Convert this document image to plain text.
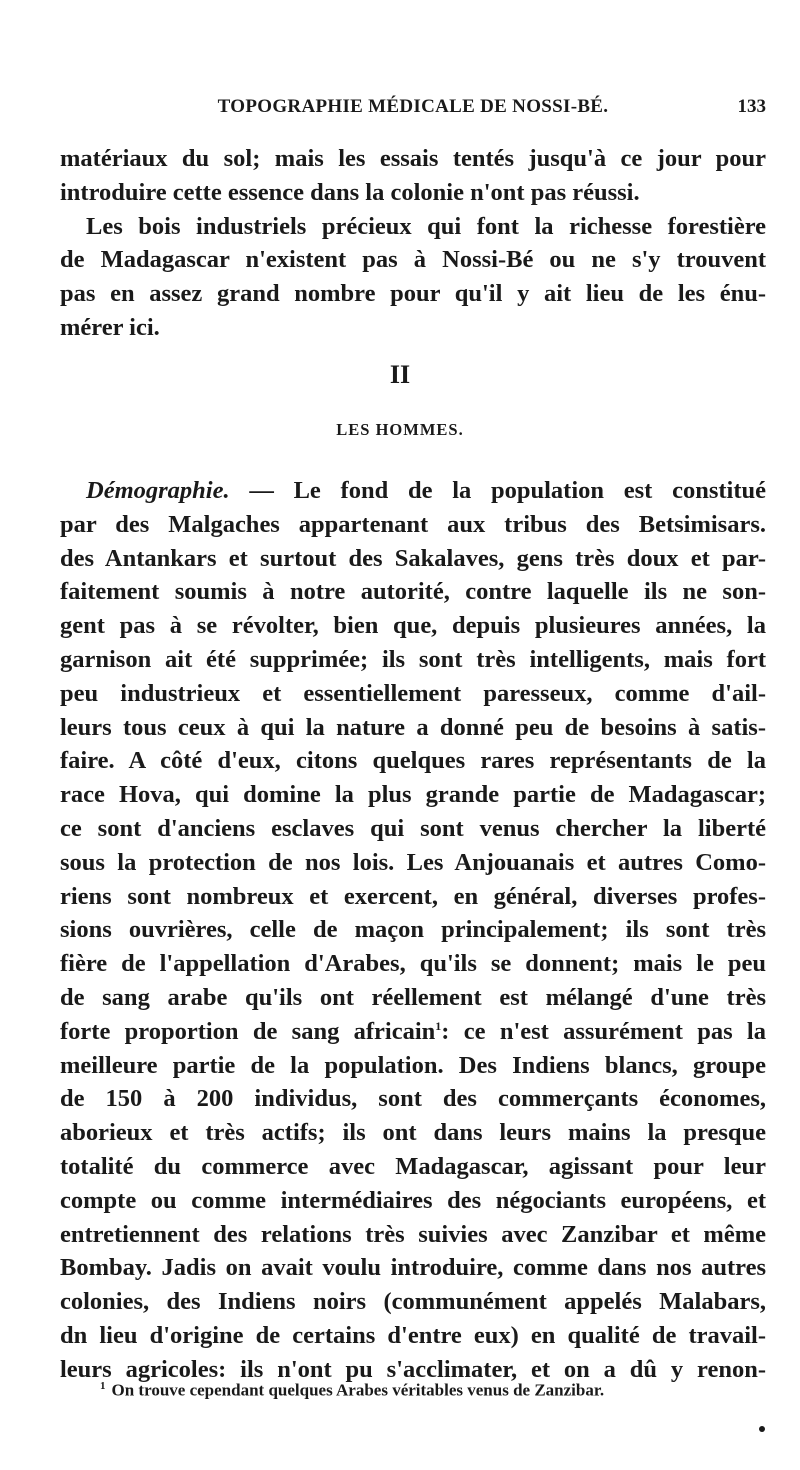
TOPOGRAPHIE MÉDICALE DE NOSSI-BÉ.	133
matériaux du sol; mais les essais tentés jusqu'à ce jour pour
introduire cette essence dans la colonie n'ont pas réussi.
Les bois industriels précieux qui font la richesse forestière
de Madagascar n'existent pas à Nossi-Bé ou ne s'y trouvent
pas en assez grand nombre pour qu'il y ait lieu de les énu-
mérer ici.
II
LES HOMMES.
Démographie. — Le fond de la population est constitué
par des Malgaches appartenant aux tribus des Betsimisars.
des Antankars et surtout des Sakalaves, gens très doux et par-
faitement soumis à notre autorité, contre laquelle ils ne son-
gent pas à se révolter, bien que, depuis plusieures années, la
garnison ait été supprimée; ils sont très intelligents, mais fort
peu industrieux et essentiellement paresseux, comme d'ail-
leurs tous ceux à qui la nature a donné peu de besoins à satis-
faire. A côté d'eux, citons quelques rares représentants de la
race Hova, qui domine la plus grande partie de Madagascar;
ce sont d'anciens esclaves qui sont venus chercher la liberté
sous la protection de nos lois. Les Anjouanais et autres Como-
riens sont nombreux et exercent, en général, diverses profes-
sions ouvrières, celle de maçon principalement; ils sont très
fière de l'appellation d'Arabes, qu'ils se donnent; mais le peu
de sang arabe qu'ils ont réellement est mélangé d'une très
forte proportion de sang africain$^1$: ce n'est assurément pas la
meilleure partie de la population. Des Indiens blancs, groupe
de 150 à 200 individus, sont des commerçants économes,
aborieux et très actifs; ils ont dans leurs mains la presque
totalité du commerce avec Madagascar, agissant pour leur
compte ou comme intermédiaires des négociants européens, et
entretiennent des relations très suivies avec Zanzibar et même
Bombay. Jadis on avait voulu introduire, comme dans nos autres
colonies, des Indiens noirs (communément appelés Malabars,
dn lieu d'origine de certains d'entre eux) en qualité de travail-
leurs agricoles: ils n'ont pu s'acclimater, et on a dû y renon-
$^1$ On trouve cependant quelques Arabes véritables venus de Zanzibar.
